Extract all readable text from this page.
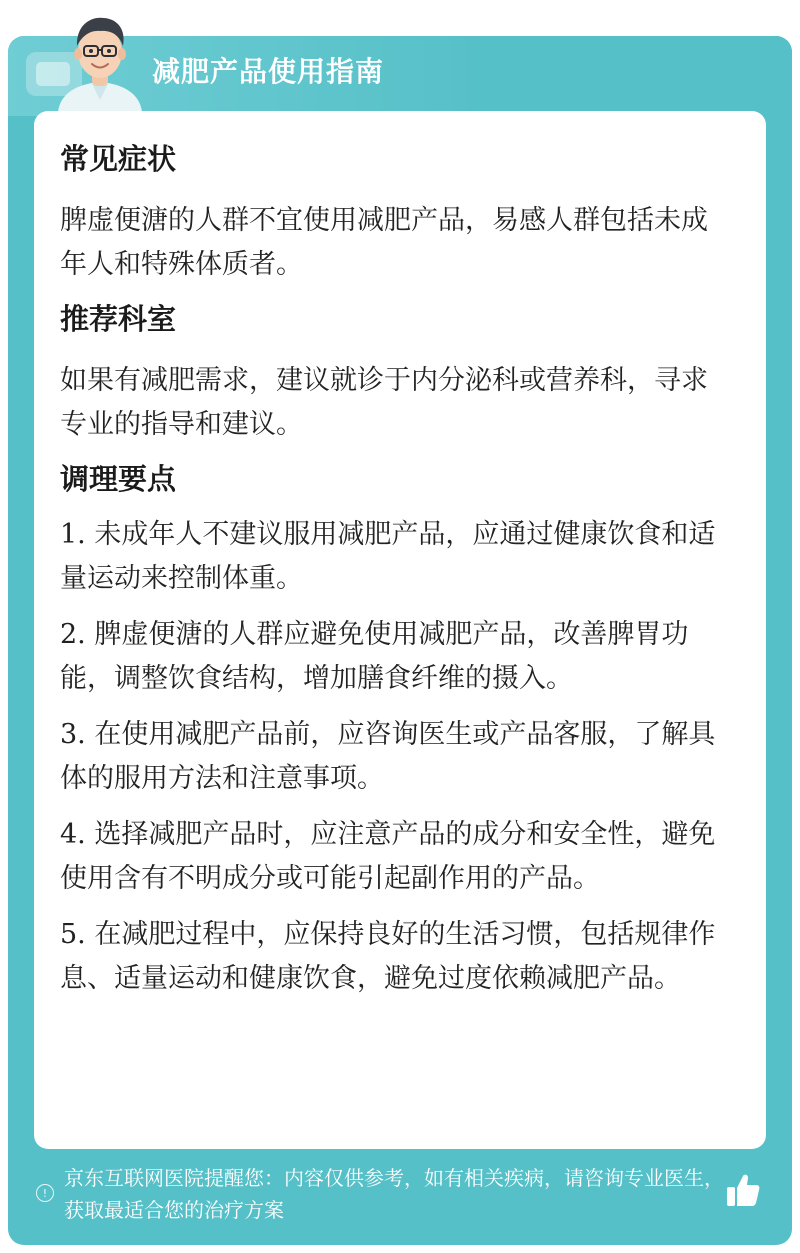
减肥产品使用指南
常见症状

脾虚便溏的人群不宜使用减肥产品，易感人群包括未成年人和特殊体质者。

推荐科室

如果有减肥需求，建议就诊于内分泌科或营养科，寻求专业的指导和建议。

调理要点

1. 未成年人不建议服用减肥产品，应通过健康饮食和适量运动来控制体重。

2. 脾虚便溏的人群应避免使用减肥产品，改善脾胃功能，调整饮食结构，增加膳食纤维的摄入。

3. 在使用减肥产品前，应咨询医生或产品客服，了解具体的服用方法和注意事项。

4. 选择减肥产品时，应注意产品的成分和安全性，避免使用含有不明成分或可能引起副作用的产品。

5. 在减肥过程中，应保持良好的生活习惯，包括规律作息、适量运动和健康饮食，避免过度依赖减肥产品。

!
京东互联网医院提醒您：内容仅供参考，如有相关疾病，请咨询专业医生，获取最适合您的治疗方案
